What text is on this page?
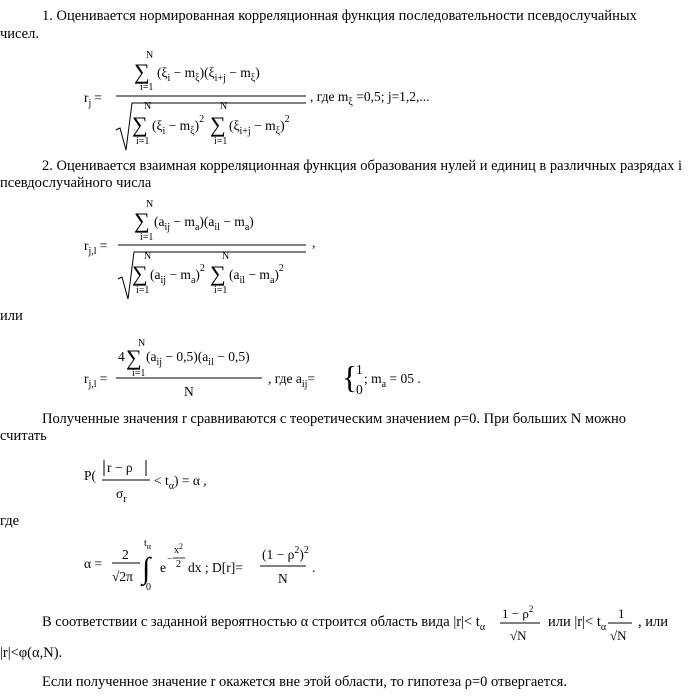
1. Оценивается нормированная корреляционная функция последовательности псевдослучайных
чисел.
$r_j$ =
N
∑
i=1
$(\xi_i - m_\xi)(\xi_{i+j} - m_\xi)$
N
∑
i=1
$(\xi_i - m_\xi)^2$
N
∑
i=1
$(\xi_{i+j} - m_\xi)^2$
, где $m_\xi =0,5$; j=1,2,...
2. Оценивается взаимная корреляционная функция образования нулей и единиц в различных разрядах i
псевдослучайного числа
$r_{j,l}$ =
N
∑
i=1
$(a_{ij} - m_a)(a_{il} - m_a)$
N
∑
i=1
$(a_{ij} - m_a)^2$
N
∑
i=1
$(a_{il} - m_a)^2$
,
или
$r_{j,l}$ =
4
N
∑
i=1
$(a_{ij} - 0,5)(a_{il} - 0,5)$
N
, где $a_{ij}=$ {
1
0
; $m_a = 05$ .
Полученные значения r сравниваются с теоретическим значением ρ=0. При больших N можно
считать
P(
r − ρ
$\sigma_r$
< $t_\alpha) = \alpha$ ,
где
α =
2
√2π
$t_\alpha$
∫
0
e
−
$x^2$
2 dx ; D[r]=
$(1 - \rho^2)^2$
N
.
В соответствии с заданной вероятностью α строится область вида $|r|< t_\alpha$
$1 - \rho^2$
√N
или $|r|< t_\alpha$
1
√N
, или
|r|<φ(α,N).
Если полученное значение r окажется вне этой области, то гипотеза ρ=0 отвергается.
